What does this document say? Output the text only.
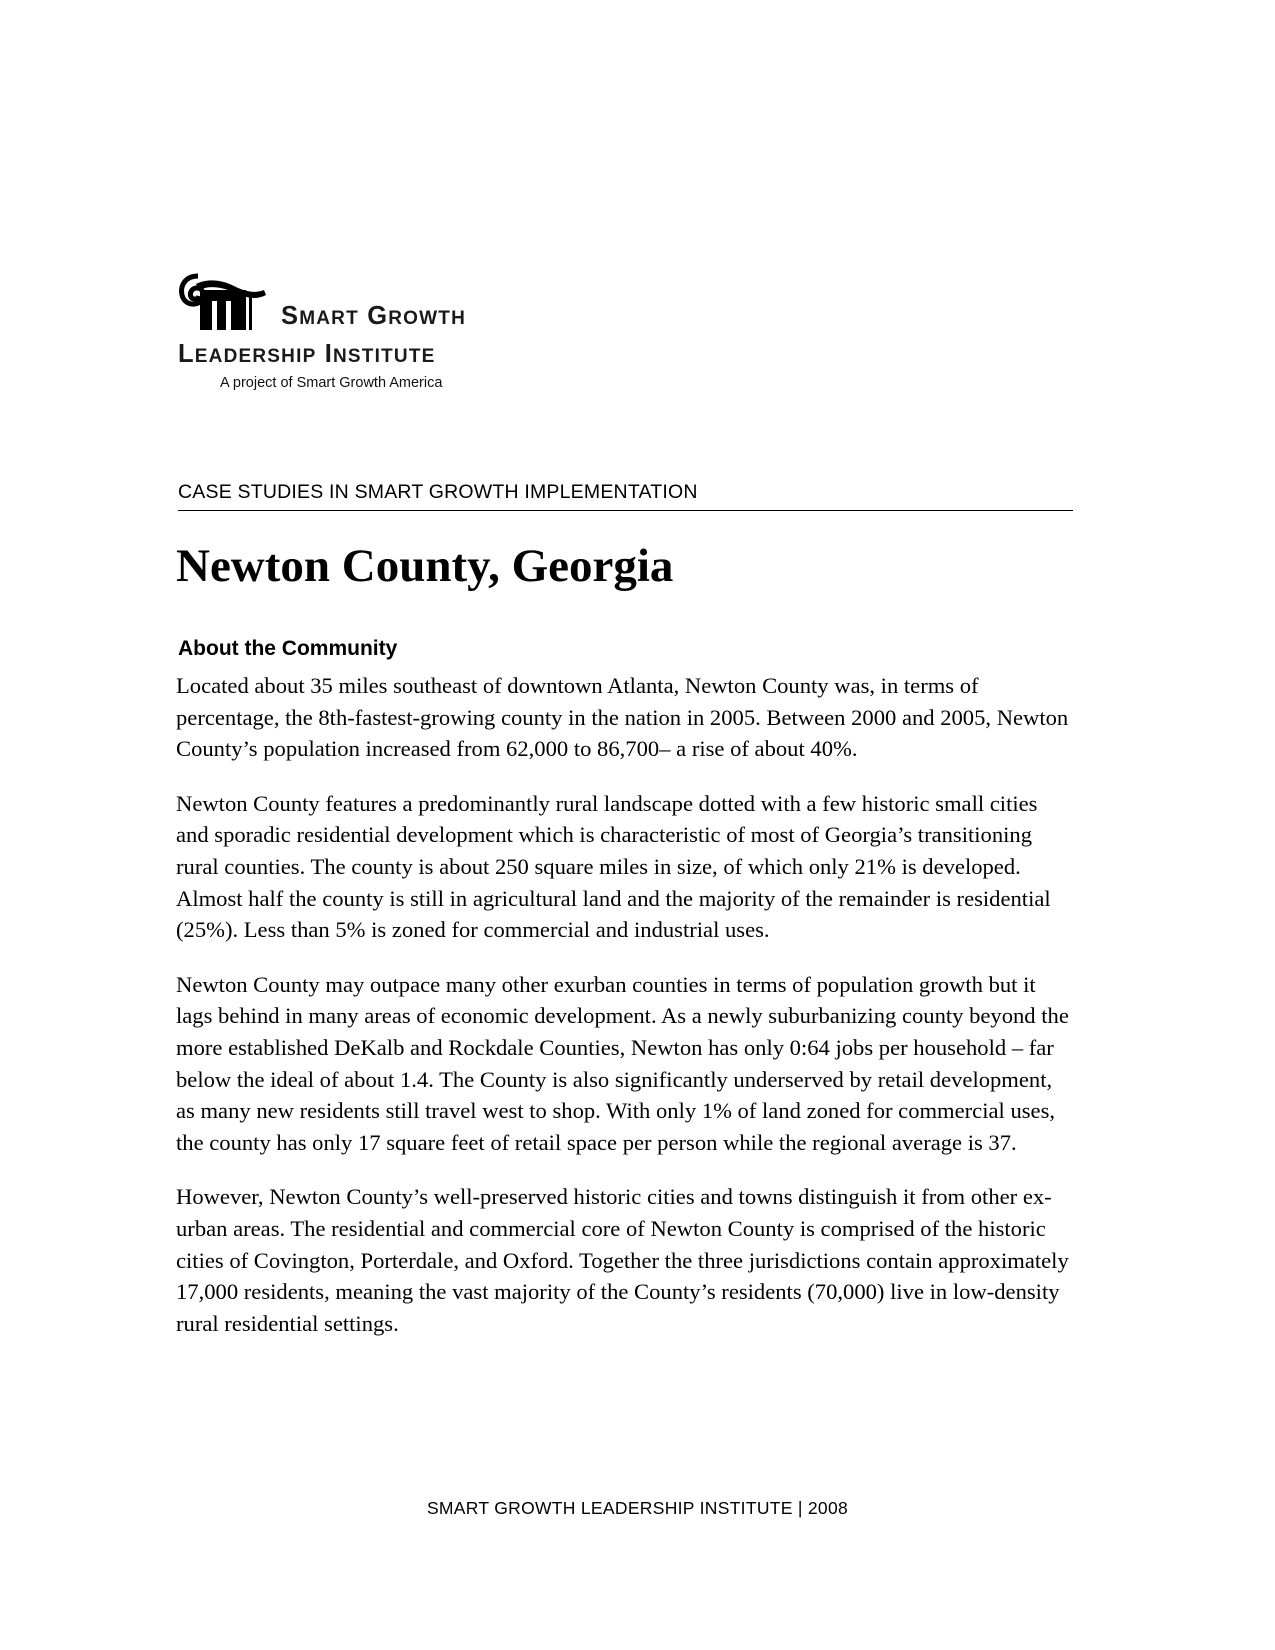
SMART GROWTH
LEADERSHIP INSTITUTE
A project of Smart Growth America
CASE STUDIES IN SMART GROWTH IMPLEMENTATION
Newton County, Georgia
About the Community

Located about 35 miles southeast of downtown Atlanta, Newton County was, in terms of percentage, the 8th-fastest-growing county in the nation in 2005. Between 2000 and 2005, Newton County’s population increased from 62,000 to 86,700– a rise of about 40%.

Newton County features a predominantly rural landscape dotted with a few historic small cities and sporadic residential development which is characteristic of most of Georgia’s transitioning rural counties. The county is about 250 square miles in size, of which only 21% is developed. Almost half the county is still in agricultural land and the majority of the remainder is residential (25%). Less than 5% is zoned for commercial and industrial uses.

Newton County may outpace many other exurban counties in terms of population growth but it lags behind in many areas of economic development. As a newly suburbanizing county beyond the more established DeKalb and Rockdale Counties, Newton has only 0:64 jobs per household – far below the ideal of about 1.4. The County is also significantly underserved by retail development, as many new residents still travel west to shop. With only 1% of land zoned for commercial uses, the county has only 17 square feet of retail space per person while the regional average is 37.

However, Newton County’s well-preserved historic cities and towns distinguish it from other ex-urban areas. The residential and commercial core of Newton County is comprised of the historic cities of Covington, Porterdale, and Oxford. Together the three jurisdictions contain approximately 17,000 residents, meaning the vast majority of the County’s residents (70,000) live in low-density rural residential settings.

SMART GROWTH LEADERSHIP INSTITUTE | 2008
